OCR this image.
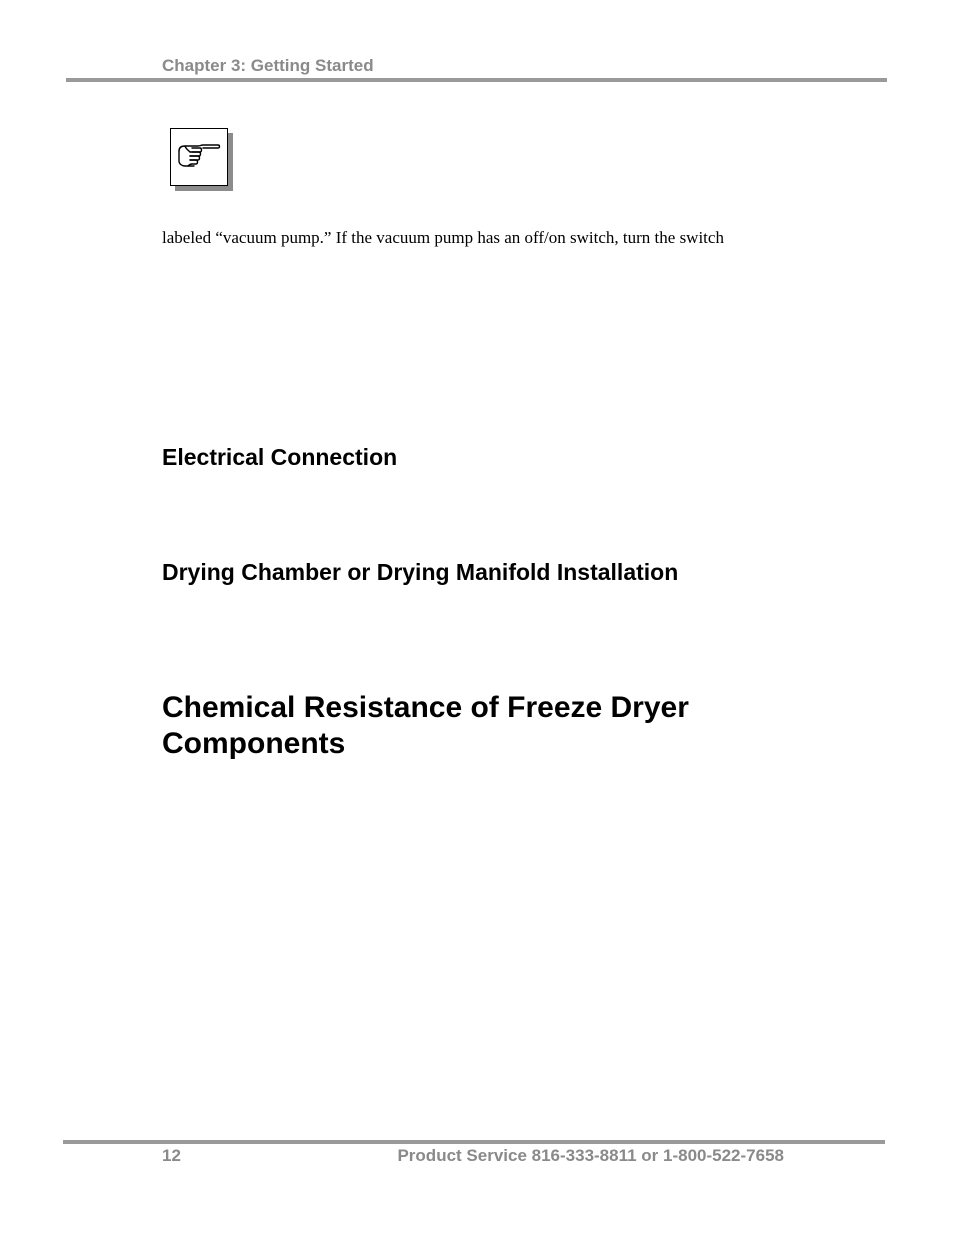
Chapter 3: Getting Started
labeled “vacuum pump.” If the vacuum pump has an off/on switch, turn the switch
Electrical Connection
Drying Chamber or Drying Manifold Installation
Chemical Resistance of Freeze Dryer Components
12	Product Service 816-333-8811 or 1-800-522-7658
